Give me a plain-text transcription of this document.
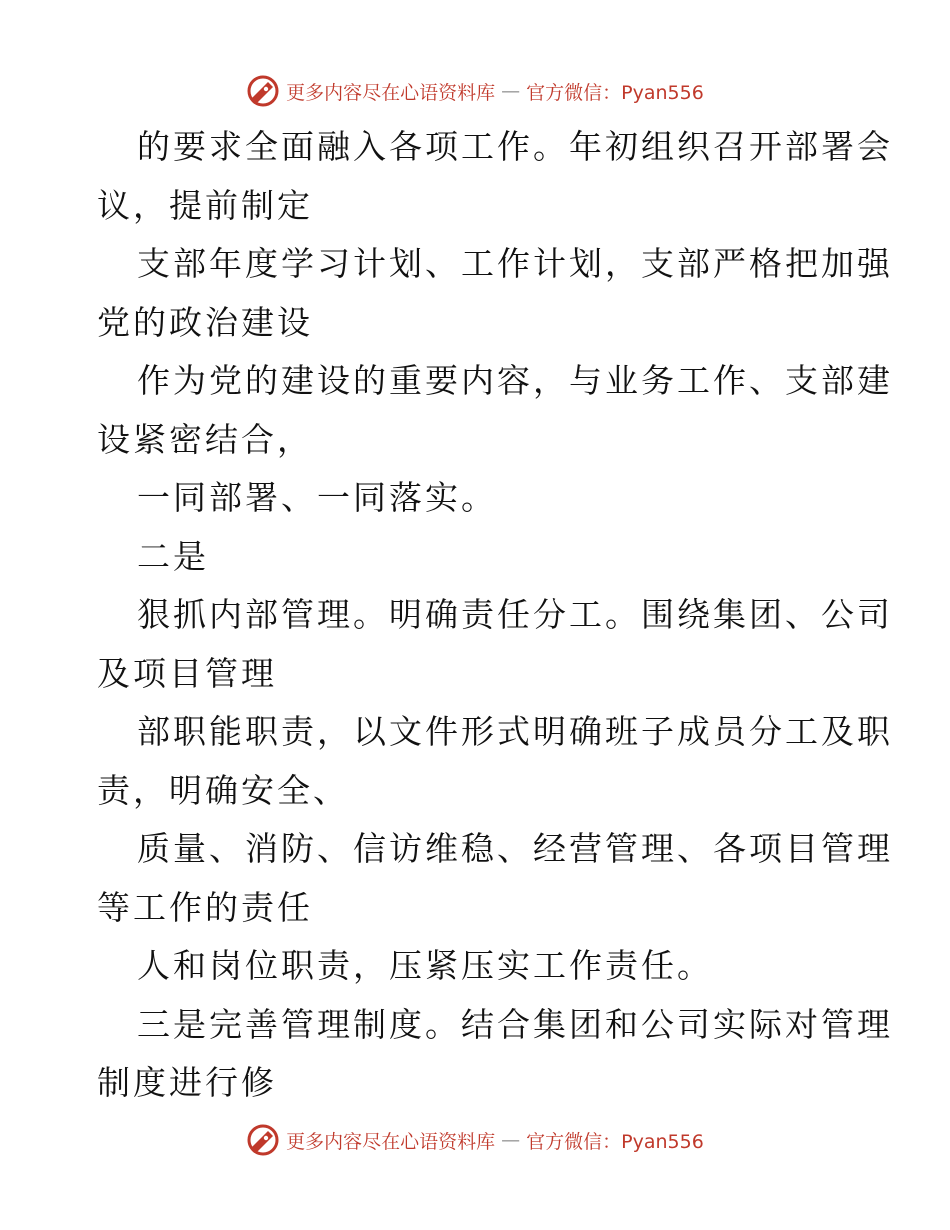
更多内容尽在心语资料库 — 官方微信：Pyan556
的要求全面融入各项工作。年初组织召开部署会
议，提前制定
支部年度学习计划、工作计划，支部严格把加强
党的政治建设
作为党的建设的重要内容，与业务工作、支部建
设紧密结合，
一同部署、一同落实。
二是
狠抓内部管理。明确责任分工。围绕集团、公司
及项目管理
部职能职责，以文件形式明确班子成员分工及职
责，明确安全、
质量、消防、信访维稳、经营管理、各项目管理
等工作的责任
人和岗位职责，压紧压实工作责任。
三是完善管理制度。结合集团和公司实际对管理
制度进行修
更多内容尽在心语资料库 — 官方微信：Pyan556
